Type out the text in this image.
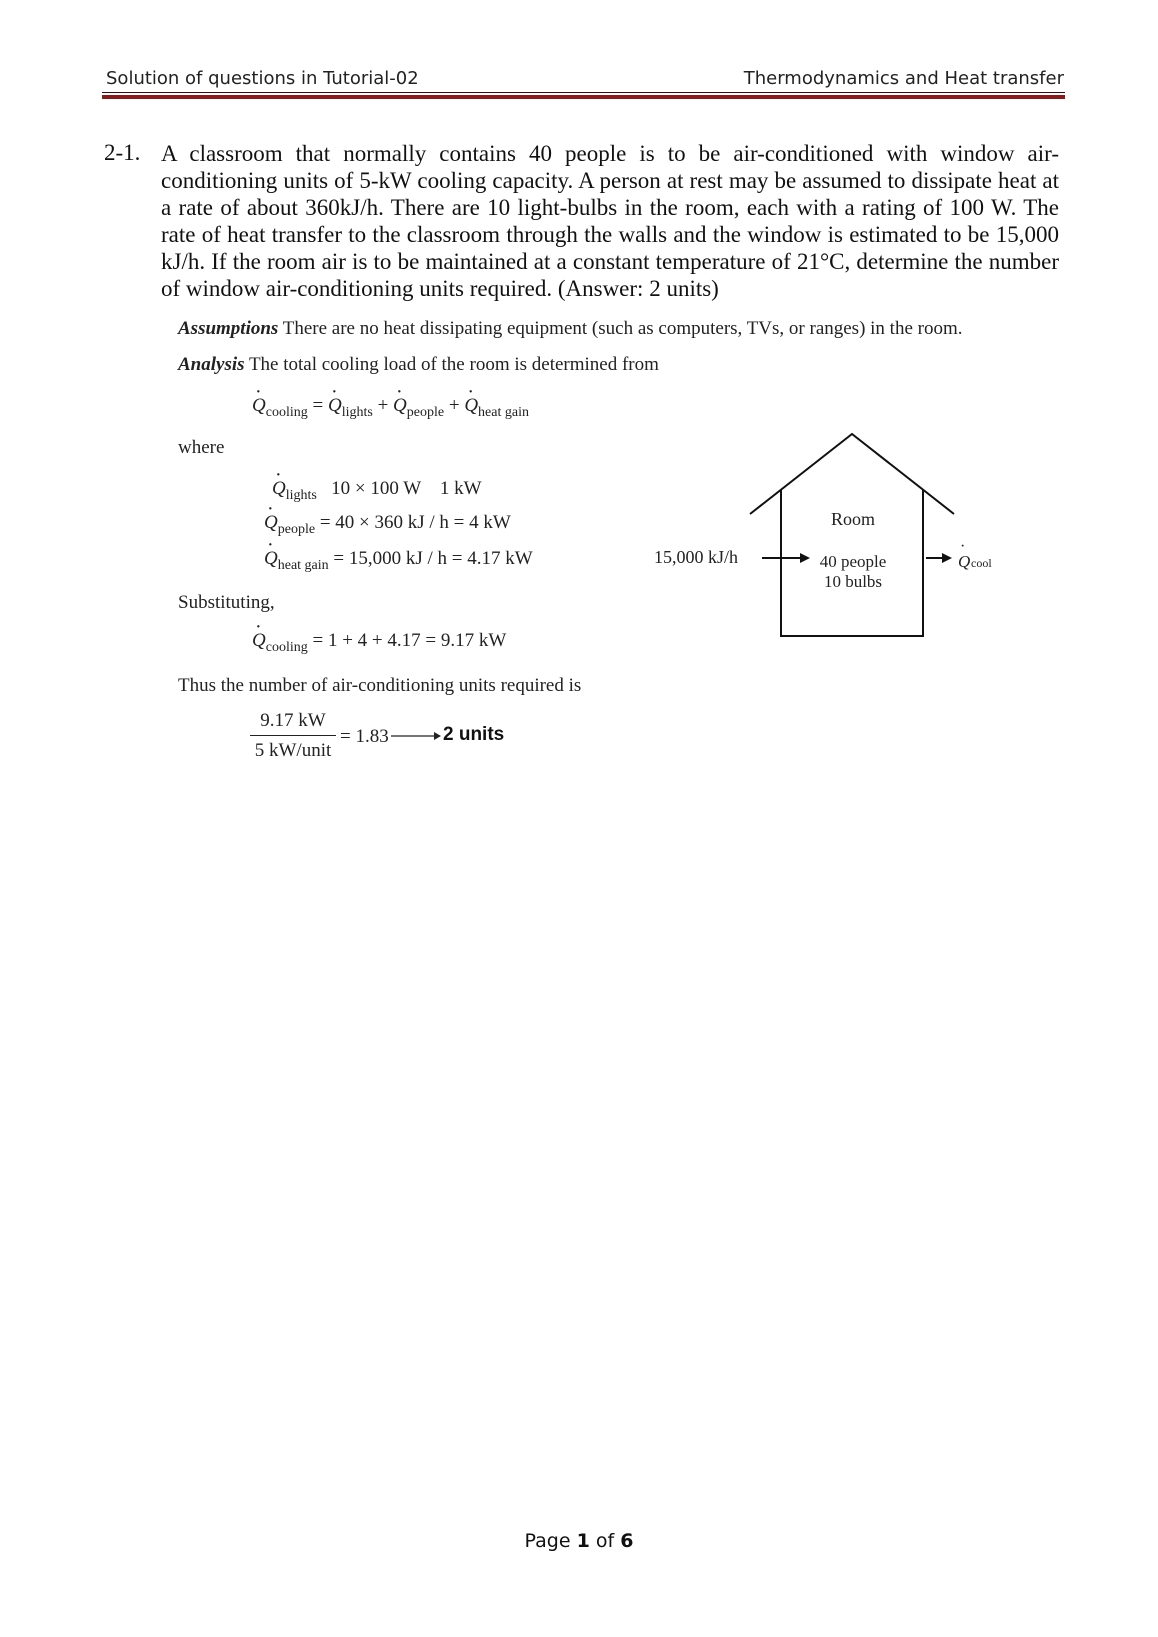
Solution of questions in Tutorial-02	Thermodynamics and Heat transfer
2-1. A classroom that normally contains 40 people is to be air-conditioned with window air-conditioning units of 5-kW cooling capacity. A person at rest may be assumed to dissipate heat at a rate of about 360kJ/h. There are 10 light-bulbs in the room, each with a rating of 100 W. The rate of heat transfer to the classroom through the walls and the window is estimated to be 15,000 kJ/h. If the room air is to be maintained at a constant temperature of 21°C, determine the number of window air-conditioning units required. (Answer: 2 units)
Assumptions There are no heat dissipating equipment (such as computers, TVs, or ranges) in the room.
Analysis The total cooling load of the room is determined from
· $Q_{cooling}$ = · $Q_{lights}$ + · $Q_{people}$ + · $Q_{heat gain}$
where
· $Q_{lights}$ 10 × 100 W    1 kW
· $Q_{people} = 40 \times 360$ kJ / h = 4 kW
· $Q_{heat gain} = 15,000$ kJ / h = 4.17 kW
Substituting,
· $Q_{cooling} = 1 + 4 + 4.17 = 9.17$ kW
Thus the number of air-conditioning units required is
9.17 kW
5 kW/unit
= 1.83	2 units
Room
40 people
10 bulbs
15,000 kJ/h	Q
·
cool
Page 1 of 6
